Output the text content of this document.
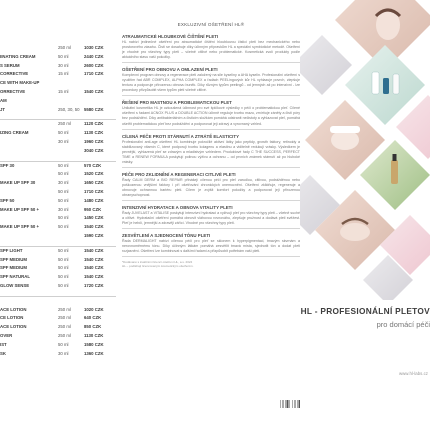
250 ml	1030 CZK
IINATING CREAM	50 ml	2440 CZK
S SERUM	30 ml	2600 CZK
CORRECTIVE	15 ml	1710 CZK
CE WITH MAKE-UP
ORRECTIVE	15 ml	1540 CZK
AM
JT	250, 30, 50 5580 CZK
250 ml	1120 CZK
IZING CREAM	50 ml	1130 CZK
30 ml	1960 CZK
3040 CZK
SPF 30	50 ml	570 CZK
50 ml	1520 CZK
MAKE UP SPF 30	30 ml	1650 CZK
50 ml	1710 CZK
SPF 50	50 ml	1480 CZK
MAKE UP SPF 50 +	30 ml	950 CZK
50 ml	1450 CZK
MAKE UP SPF 50 +	50 ml	1540 CZK
1590 CZK
SPF LIGHT	50 ml	1540 CZK
SPF MEDIUM	50 ml	1540 CZK
SPF MEDIUM	50 ml	1540 CZK
SPF NATURAL	50 ml	1540 CZK
GLOW SENSE	50 ml	1720 CZK
ACE LOTION	250 ml	1020 CZK
CE LOTION	250 ml	640 CZK
ACE LOTION	250 ml	850 CZK
OVER	250 ml	1130 CZK
IST	50 ml	1580 CZK
SK	30 ml	1360 CZK
EXKLUZIVNÍ OŠETŘENÍ HL®
ATRAUMATICKÉ HLOUBKOVÉ ČIŠTĚNÍ PLETI
HL nabízí jedinečné ošetření pro atraumatické čištění hloubkovou čisticí pleti bez mechanického nebo prostorového zásahu. Čistí se dosahuje díky účinným přípravkům HL a speciální symbiotické metodě. Ošetření je vhodné pro všechny typy pleti – včetně citlivé nebo problematické. Kosmetická zvolí produkty podle aktuálního stavu vaší pokožky.
OŠETŘENÍ PRO OBNOVU A OMLAZENÍ PLETI
Komplexní program obnovy a regenerace pleti založený na sile kyseliny a AHA kyselin. Profesionální ošetření s využitím řad ABR COMPLEX, ALPHA COMPLEX a řadách PEELingových kůr HL vyhlazuje povrch, zlepšuje texturu a podporuje přirozenou obnovu buněk. Díky různým typům peelingů - od jemných až po intenzivní - lze procedury přizpůsobit všem typům pleti včetně citlivé.
ŘEŠENÍ PRO MASTNOU A PROBLEMATICKOU PLET
Unikátní kosmetika HL je ozkoušená účinnost pro své špičkové výsledky v péči o problematickou pleť. Cílené ošetření s řadami ACNOX PLUS a DOUBLE ACTION účinně reguluje tvorbu mazu, zmírňuje záněty a čistí póry bez podráždění. Díky antibakteriálním a čisticím složkám pomáhá odstranit nečistoty a vyhlazovat pleť, pomáhá ošetřit problematickou pleť bez podráždění a podporovat její zdravý a vyrovnaný vzhled.
CÍLENÁ PÉČE PROTI STÁRNUTÍ A ZTRÁTĚ ELASTICITY
Profesionální anti-age ošetření HL kombinuje pokročilé aktivní látky jako peptidy, growth faktory, retinoidy a stabilizovaný vitamín C, které podporují tvorbu kolagenu a elastinu a viditelně redukují vrásky. Výsledkem je pevnější, vyhlazená pleť se zdravým a mladistvým vzhledem. Produktové řady C THE SUCCESS, PERFECT TIME a RENEW FORMULA poskytují polinou výživu a ochranu – od prvních známek stárnutí až po hluboké vrásky.
PÉČE PRO ZKLIDNĚNÍ A REGENERACI CITLIVÉ PLETI
Řady CALM DERM a BIO REPAIR přinášejí cílenou péči pro pleť zarudlou, citlivou, podrážděnou nebo poškozenou vnějšími faktory i při ošetřování chronických onemocnění. Ošetření zklidňuje, regeneruje a obnovuje ochrannou bariéru pleti. Cílem je zvýšit komfort pokožky a podporovat její přirozenou obranyschopnost.
INTENZIVNÍ HYDRATACE A OBNOVA VITALITY PLETI
Řady JUVELAST a VITALISE poskytují intenzivní hydrataci a vyživují pleť pro všechny typy pleti – včetně suché a citlivé. Hydratační ošetření pomáhá obnovit vláhovou rovnováhu, zlepšuje pružnost a dodává pleti svěžest. Pleť je hebčí, jemnější a zdravěji zářící. Vhodné pro všechny typy pleti.
ZESVĚTLENÍ A SJEDNOCENÍ TÓNU PLETI
Řada DERMALIGHT nabízí cílenou péči pro pleť se sklonem k hyperpigmentaci, tmavým skvrnám a nerovnoměrnému tónu. Díky účinným látkám pomáhá zesvětlit tmavá místa, sjednotit tón a dodat pleti rozjasnění. Ošetření lze kombinovat s dalšími řadami a přizpůsobit potřebám vaší pleti.
*Dodávané s kvalitními licencí ošetření HL, a.s. 2024
HL – podléhají licencovaným kosmetickým ošetřením.
HL - PROFESIONÁLNÍ PLETOV
pro domácí péči
www.hl-labs.cz
